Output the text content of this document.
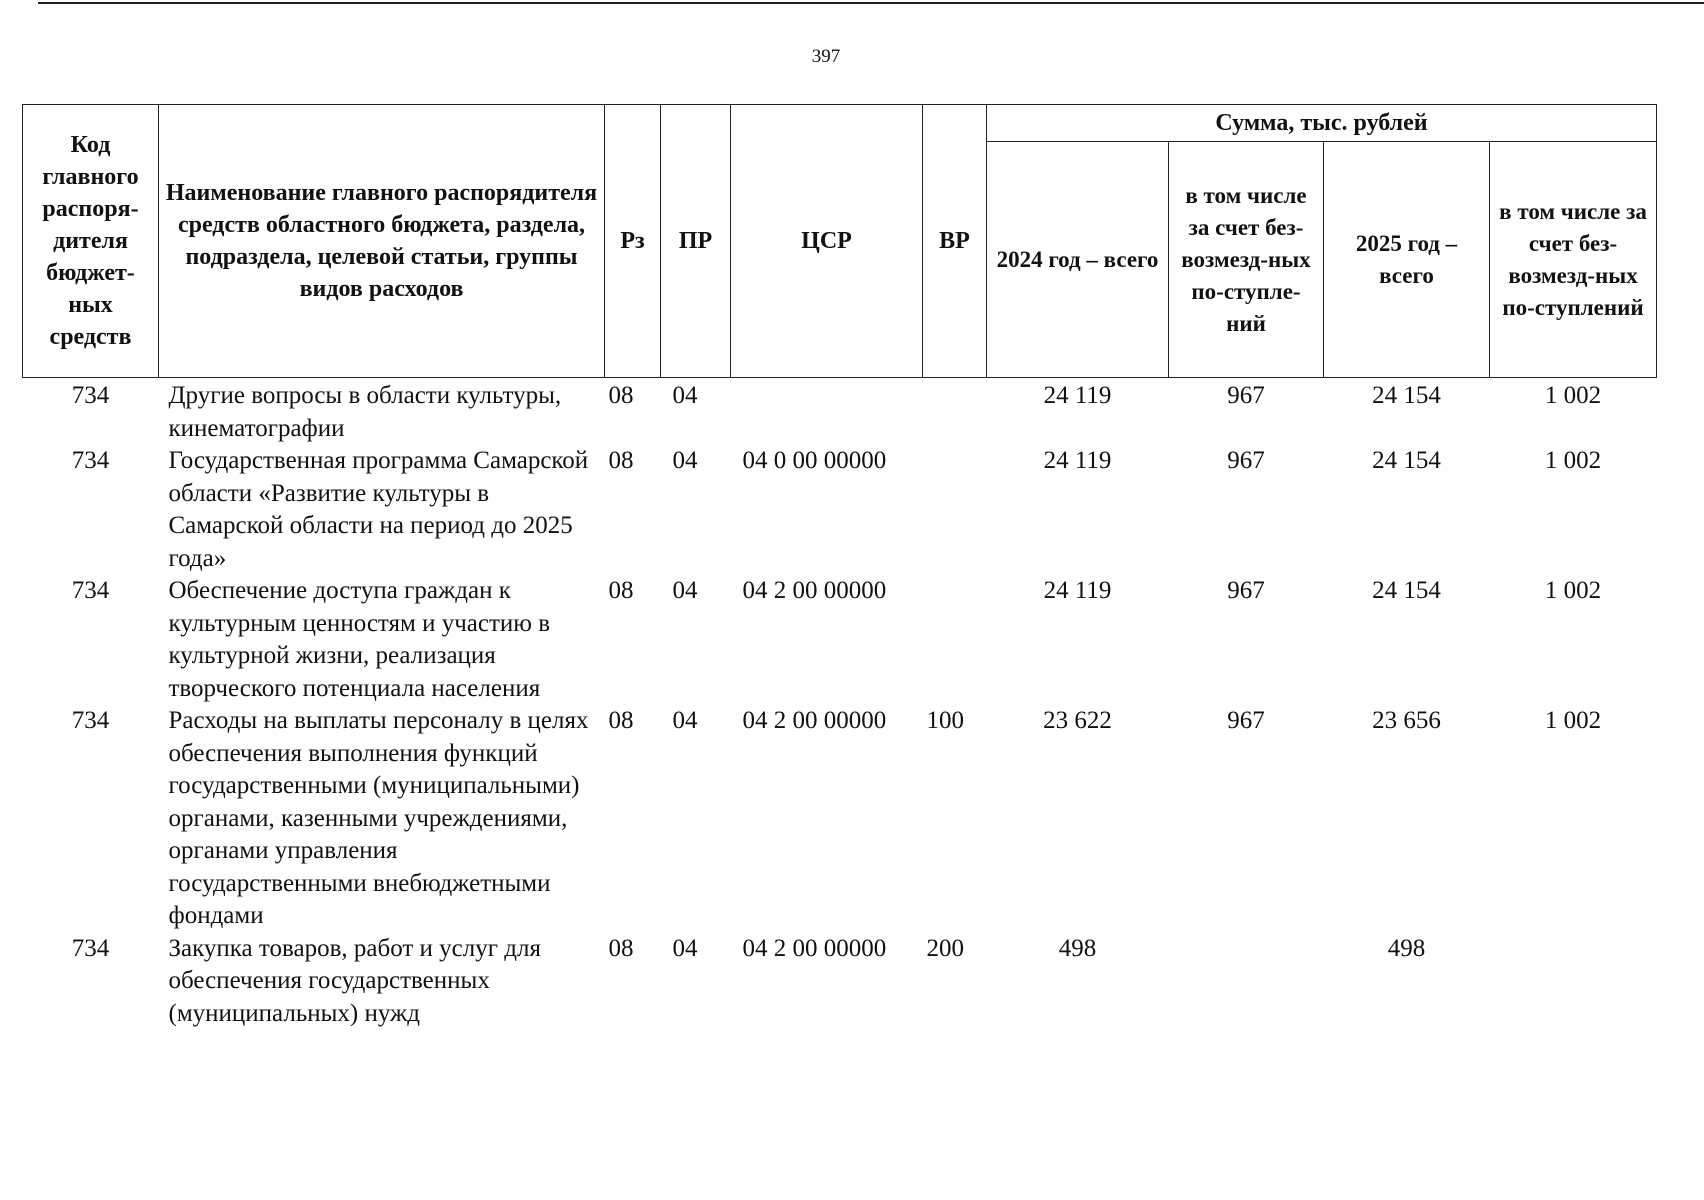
397
Код главного распоря-дителя бюджет-ных средств	Наименование главного распорядителя средств областного бюджета, раздела, подраздела, целевой статьи, группы видов расходов	Рз	ПР	ЦСР	ВР	Сумма, тыс. рублей			
						2024 год – всего	в том числе за счет без-возмезд-ных по-ступле-ний	2025 год – всего	в том числе за счет без-возмезд-ных по-ступлений
734	Другие вопросы в области культуры, кинематографии	08	04			24 119	967	24 154	1 002
734	Государственная программа Самарской области «Развитие культуры в Самарской области на период до 2025 года»	08	04	04 0 00 00000		24 119	967	24 154	1 002
734	Обеспечение доступа граждан к культурным ценностям и участию в культурной жизни, реализация творческого потенциала населения	08	04	04 2 00 00000		24 119	967	24 154	1 002
734	Расходы на выплаты персоналу в целях обеспечения выполнения функций государственными (муниципальными) органами, казенными учреждениями, органами управления государственными внебюджетными фондами	08	04	04 2 00 00000	100	23 622	967	23 656	1 002
734	Закупка товаров, работ и услуг для обеспечения государственных (муниципальных) нужд	08	04	04 2 00 00000	200	498		498	
